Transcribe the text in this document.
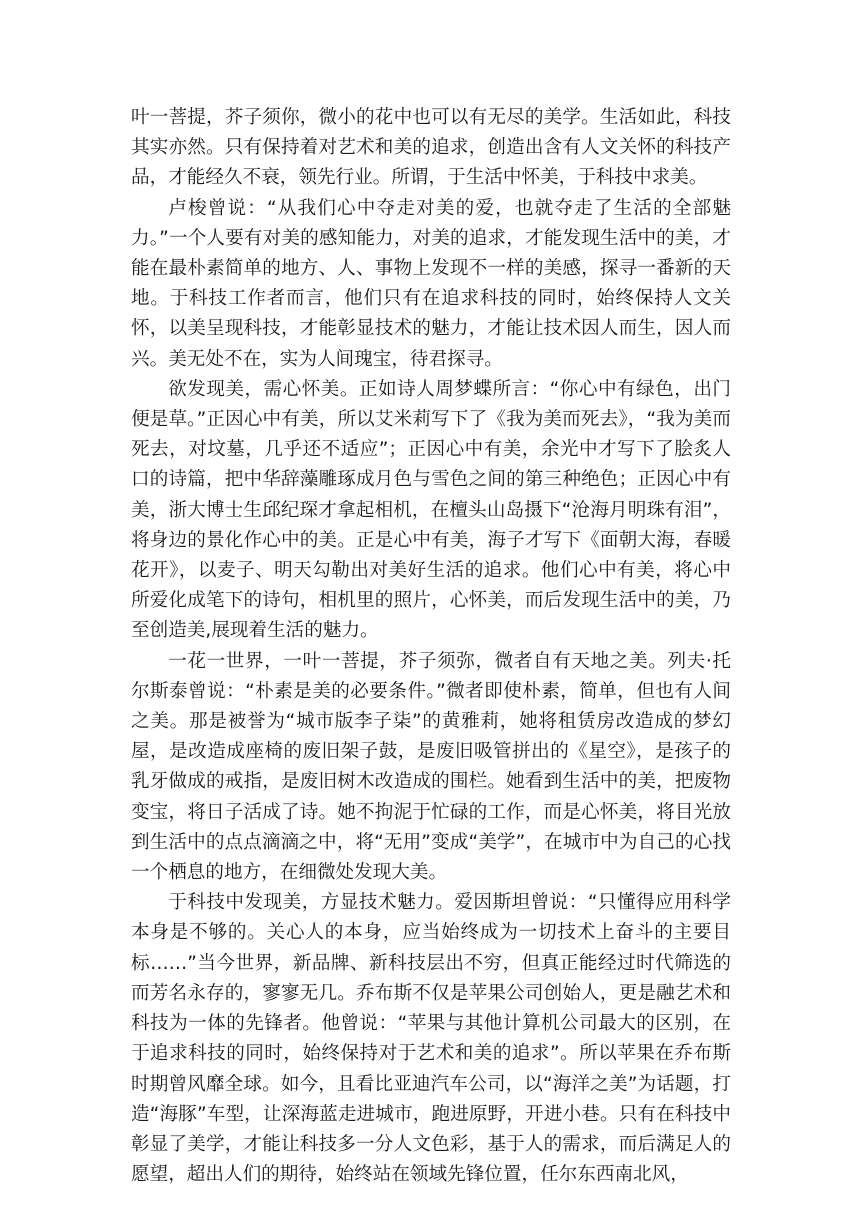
叶一菩提，芥子须你，微小的花中也可以有无尽的美学。生活如此，科技其实亦然。只有保持着对艺术和美的追求，创造出含有人文关怀的科技产品，才能经久不衰，领先行业。所谓，于生活中怀美，于科技中求美。

卢梭曾说：“从我们心中夺走对美的爱，也就夺走了生活的全部魅力。”一个人要有对美的感知能力，对美的追求，才能发现生活中的美，才能在最朴素简单的地方、人、事物上发现不一样的美感，探寻一番新的天地。于科技工作者而言，他们只有在追求科技的同时，始终保持人文关怀，以美呈现科技，才能彰显技术的魅力，才能让技术因人而生，因人而兴。美无处不在，实为人间瑰宝，待君探寻。

欲发现美，需心怀美。正如诗人周梦蝶所言：“你心中有绿色，出门便是草。”正因心中有美，所以艾米莉写下了《我为美而死去》，“我为美而死去，对坟墓，几乎还不适应”；正因心中有美，余光中才写下了脍炙人口的诗篇，把中华辞藻雕琢成月色与雪色之间的第三种绝色；正因心中有美，浙大博士生邱纪琛才拿起相机，在檀头山岛摄下“沧海月明珠有泪”，将身边的景化作心中的美。正是心中有美，海子才写下《面朝大海，春暖花开》，以麦子、明天勾勒出对美好生活的追求。他们心中有美，将心中所爱化成笔下的诗句，相机里的照片，心怀美，而后发现生活中的美，乃至创造美,展现着生活的魅力。

一花一世界，一叶一菩提，芥子须弥，微者自有天地之美。列夫·托尔斯泰曾说：“朴素是美的必要条件。”微者即使朴素，简单，但也有人间之美。那是被誉为“城市版李子柒”的黄雅莉，她将租赁房改造成的梦幻屋，是改造成座椅的废旧架子鼓，是废旧吸管拼出的《星空》，是孩子的乳牙做成的戒指，是废旧树木改造成的围栏。她看到生活中的美，把废物变宝，将日子活成了诗。她不拘泥于忙碌的工作，而是心怀美，将目光放到生活中的点点滴滴之中，将“无用”变成“美学”，在城市中为自己的心找一个栖息的地方，在细微处发现大美。

于科技中发现美，方显技术魅力。爱因斯坦曾说：“只懂得应用科学本身是不够的。关心人的本身，应当始终成为一切技术上奋斗的主要目标……”当今世界，新品牌、新科技层出不穷，但真正能经过时代筛选的而芳名永存的，寥寥无几。乔布斯不仅是苹果公司创始人，更是融艺术和科技为一体的先锋者。他曾说：“苹果与其他计算机公司最大的区别，在于追求科技的同时，始终保持对于艺术和美的追求”。所以苹果在乔布斯时期曾风靡全球。如今，且看比亚迪汽车公司，以“海洋之美”为话题，打造“海豚”车型，让深海蓝走进城市，跑进原野，开进小巷。只有在科技中彰显了美学，才能让科技多一分人文色彩，基于人的需求，而后满足人的愿望，超出人们的期待，始终站在领域先锋位置，任尔东西南北风，
